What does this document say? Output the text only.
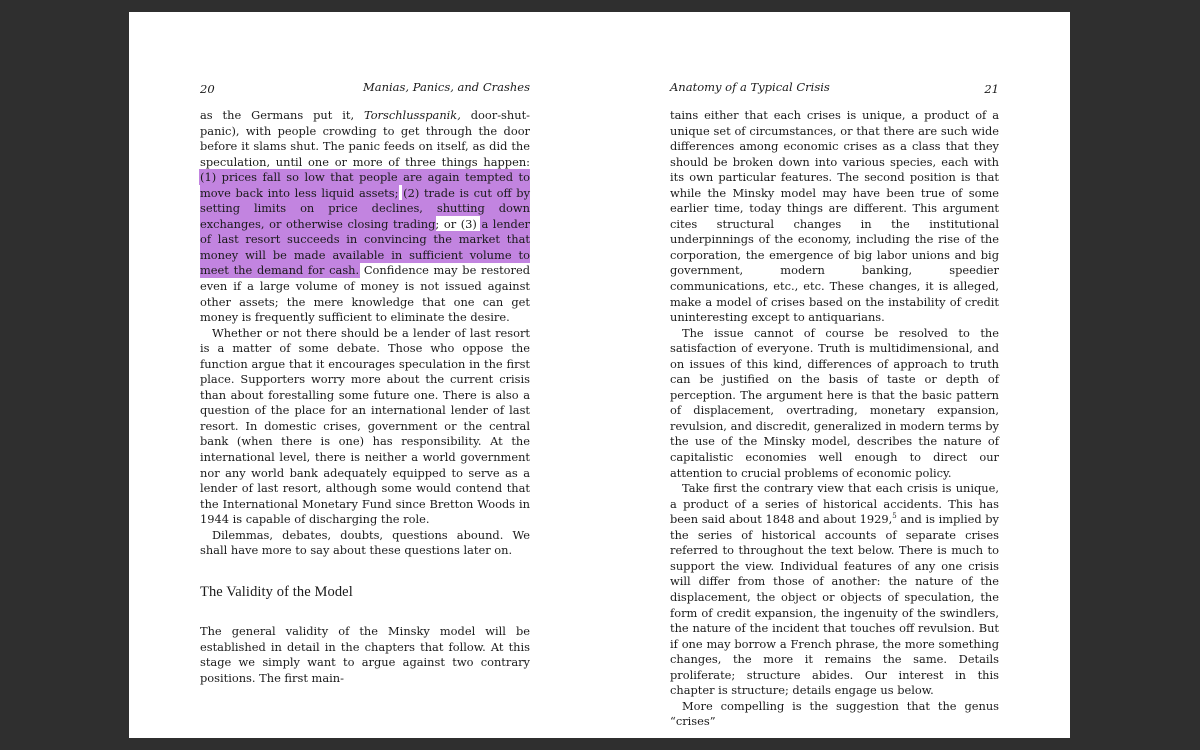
20	Manias, Panics, and Crashes

as the Germans put it, Torschlusspanik, door-shut-panic), with people crowding to get through the door before it slams shut. The panic feeds on itself, as did the speculation, until one or more of three things happen: (1) prices fall so low that people are again tempted to move back into less liquid assets; (2) trade is cut off by setting limits on price declines, shutting down exchanges, or otherwise closing trading; or (3) a lender of last resort succeeds in convincing the market that money will be made available in sufficient volume to meet the demand for cash. Confidence may be restored even if a large volume of money is not issued against other assets; the mere knowledge that one can get money is frequently sufficient to eliminate the desire.

Whether or not there should be a lender of last resort is a matter of some debate. Those who oppose the function argue that it encourages speculation in the first place. Supporters worry more about the current crisis than about forestalling some future one. There is also a question of the place for an international lender of last resort. In domestic crises, government or the central bank (when there is one) has responsibility. At the international level, there is neither a world government nor any world bank adequately equipped to serve as a lender of last resort, although some would contend that the International Monetary Fund since Bretton Woods in 1944 is capable of discharging the role.

Dilemmas, debates, doubts, questions abound. We shall have more to say about these questions later on.

The Validity of the Model

The general validity of the Minsky model will be established in detail in the chapters that follow. At this stage we simply want to argue against two contrary positions. The first main-

Anatomy of a Typical Crisis	21

tains either that each crises is unique, a product of a unique set of circumstances, or that there are such wide differences among economic crises as a class that they should be broken down into various species, each with its own particular features. The second position is that while the Minsky model may have been true of some earlier time, today things are different. This argument cites structural changes in the institutional underpinnings of the economy, including the rise of the corporation, the emergence of big labor unions and big government, modern banking, speedier communications, etc., etc. These changes, it is alleged, make a model of crises based on the instability of credit uninteresting except to antiquarians.

The issue cannot of course be resolved to the satisfaction of everyone. Truth is multidimensional, and on issues of this kind, differences of approach to truth can be justified on the basis of taste or depth of perception. The argument here is that the basic pattern of displacement, overtrading, monetary expansion, revulsion, and discredit, generalized in modern terms by the use of the Minsky model, describes the nature of capitalistic economies well enough to direct our attention to crucial problems of economic policy.

Take first the contrary view that each crisis is unique, a product of a series of historical accidents. This has been said about 1848 and about 1929,$^5$ and is implied by the series of historical accounts of separate crises referred to throughout the text below. There is much to support the view. Individual features of any one crisis will differ from those of another: the nature of the displacement, the object or objects of speculation, the form of credit expansion, the ingenuity of the swindlers, the nature of the incident that touches off revulsion. But if one may borrow a French phrase, the more something changes, the more it remains the same. Details proliferate; structure abides. Our interest in this chapter is structure; details engage us below.

More compelling is the suggestion that the genus “crises”
